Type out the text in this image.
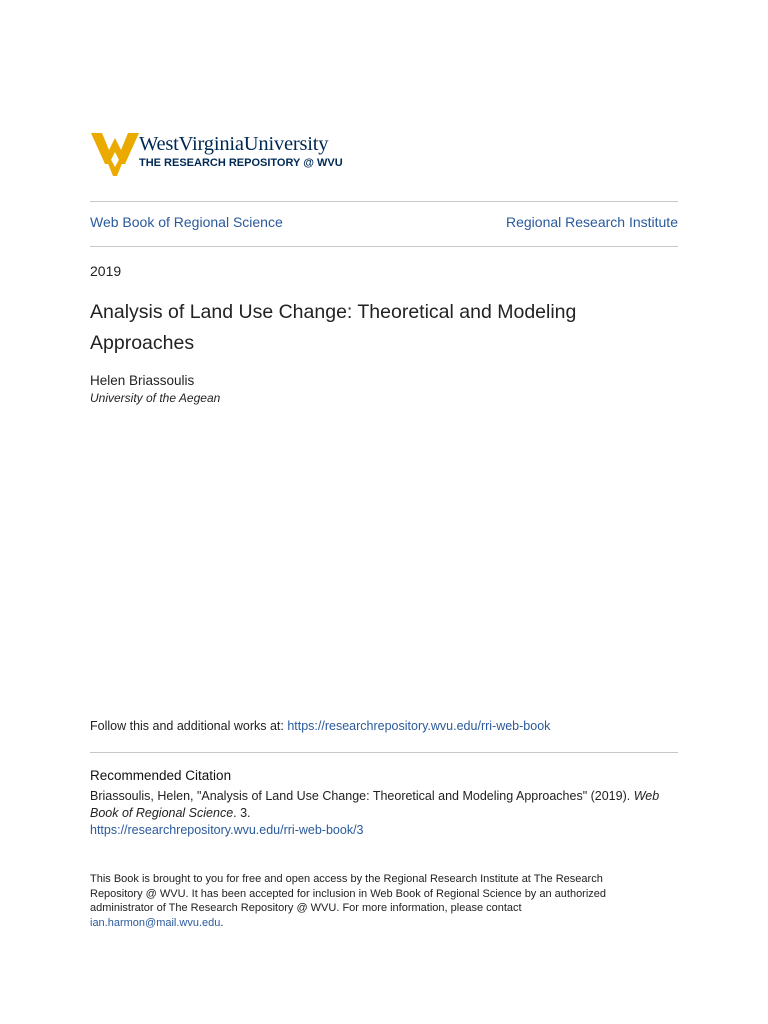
WestVirginiaUniversity
THE RESEARCH REPOSITORY @ WVU
Web Book of Regional Science	Regional Research Institute
2019
Analysis of Land Use Change: Theoretical and Modeling Approaches
Helen Briassoulis
University of the Aegean
Follow this and additional works at: https://researchrepository.wvu.edu/rri-web-book
Recommended Citation
Briassoulis, Helen, "Analysis of Land Use Change: Theoretical and Modeling Approaches" (2019). Web Book of Regional Science. 3.
https://researchrepository.wvu.edu/rri-web-book/3
This Book is brought to you for free and open access by the Regional Research Institute at The Research Repository @ WVU. It has been accepted for inclusion in Web Book of Regional Science by an authorized administrator of The Research Repository @ WVU. For more information, please contact ian.harmon@mail.wvu.edu.
